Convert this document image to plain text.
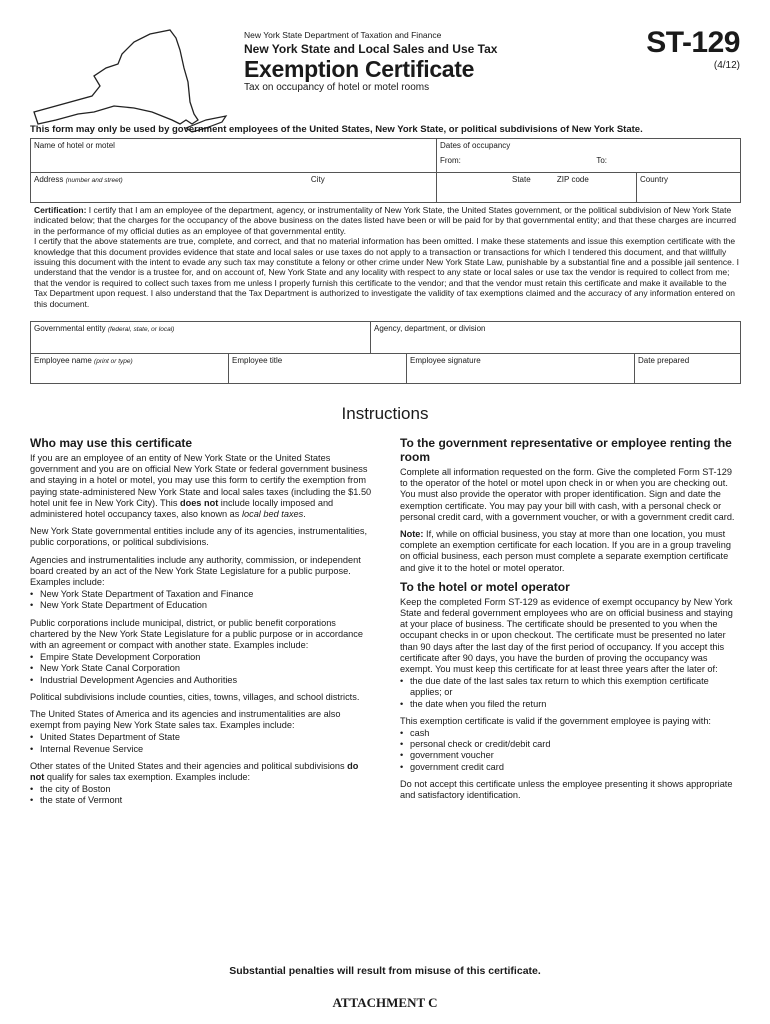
New York State Department of Taxation and Finance
New York State and Local Sales and Use Tax
Exemption Certificate
Tax on occupancy of hotel or motel rooms
ST-129
(4/12)
This form may only be used by government employees of the United States, New York State, or political subdivisions of New York State.
Name of hotel or motel	Dates of occupancy
From: To:	

Address (number and street) City	State ZIP code	Country
Certification: I certify that I am an employee of the department, agency, or instrumentality of New York State, the United States government, or the political subdivision of New York State indicated below; that the charges for the occupancy of the above business on the dates listed have been or will be paid for by that governmental entity; and that these charges are incurred in the performance of my official duties as an employee of that governmental entity.
I certify that the above statements are true, complete, and correct, and that no material information has been omitted. I make these statements and issue this exemption certificate with the knowledge that this document provides evidence that state and local sales or use taxes do not apply to a transaction or transactions for which I tendered this document, and that willfully issuing this document with the intent to evade any such tax may constitute a felony or other crime under New York State Law, punishable by a substantial fine and a possible jail sentence. I understand that the vendor is a trustee for, and on account of, New York State and any locality with respect to any state or local sales or use tax the vendor is required to collect from me; that the vendor is required to collect such taxes from me unless I properly furnish this certificate to the vendor; and that the vendor must retain this certificate and make it available to the Tax Department upon request. I also understand that the Tax Department is authorized to investigate the validity of tax exemptions claimed and the accuracy of any information entered on this document.
Governmental entity (federal, state, or local)		Agency, department, or division		
Employee name (print or type)	Employee title		Employee signature	Date prepared
Instructions
Who may use this certificate

If you are an employee of an entity of New York State or the United States government and you are on official New York State or federal government business and staying in a hotel or motel, you may use this form to certify the exemption from paying state-administered New York State and local sales taxes (including the $1.50 hotel unit fee in New York City). This does not include locally imposed and administered hotel occupancy taxes, also known as local bed taxes.

New York State governmental entities include any of its agencies, instrumentalities, public corporations, or political subdivisions.

Agencies and instrumentalities include any authority, commission, or independent board created by an act of the New York State Legislature for a public purpose. Examples include:

• New York State Department of Taxation and Finance
• New York State Department of Education

Public corporations include municipal, district, or public benefit corporations chartered by the New York State Legislature for a public purpose or in accordance with an agreement or compact with another state. Examples include:

• Empire State Development Corporation
• New York State Canal Corporation
• Industrial Development Agencies and Authorities

Political subdivisions include counties, cities, towns, villages, and school districts.

The United States of America and its agencies and instrumentalities are also exempt from paying New York State sales tax. Examples include:

• United States Department of State
• Internal Revenue Service

Other states of the United States and their agencies and political subdivisions do not qualify for sales tax exemption. Examples include:

• the city of Boston
• the state of Vermont
To the government representative or employee renting the room

Complete all information requested on the form. Give the completed Form ST-129 to the operator of the hotel or motel upon check in or when you are checking out. You must also provide the operator with proper identification. Sign and date the exemption certificate. You may pay your bill with cash, with a personal check or personal credit card, with a government voucher, or with a government credit card.

Note: If, while on official business, you stay at more than one location, you must complete an exemption certificate for each location. If you are in a group traveling on official business, each person must complete a separate exemption certificate and give it to the hotel or motel operator.

To the hotel or motel operator

Keep the completed Form ST-129 as evidence of exempt occupancy by New York State and federal government employees who are on official business and staying at your place of business. The certificate should be presented to you when the occupant checks in or upon checkout. The certificate must be presented no later than 90 days after the last day of the first period of occupancy. If you accept this certificate after 90 days, you have the burden of proving the occupancy was exempt. You must keep this certificate for at least three years after the later of:

• the due date of the last sales tax return to which this exemption certificate applies; or
• the date when you filed the return

This exemption certificate is valid if the government employee is paying with:

• cash
• personal check or credit/debit card
• government voucher
• government credit card

Do not accept this certificate unless the employee presenting it shows appropriate and satisfactory identification.

Substantial penalties will result from misuse of this certificate.
ATTACHMENT C
